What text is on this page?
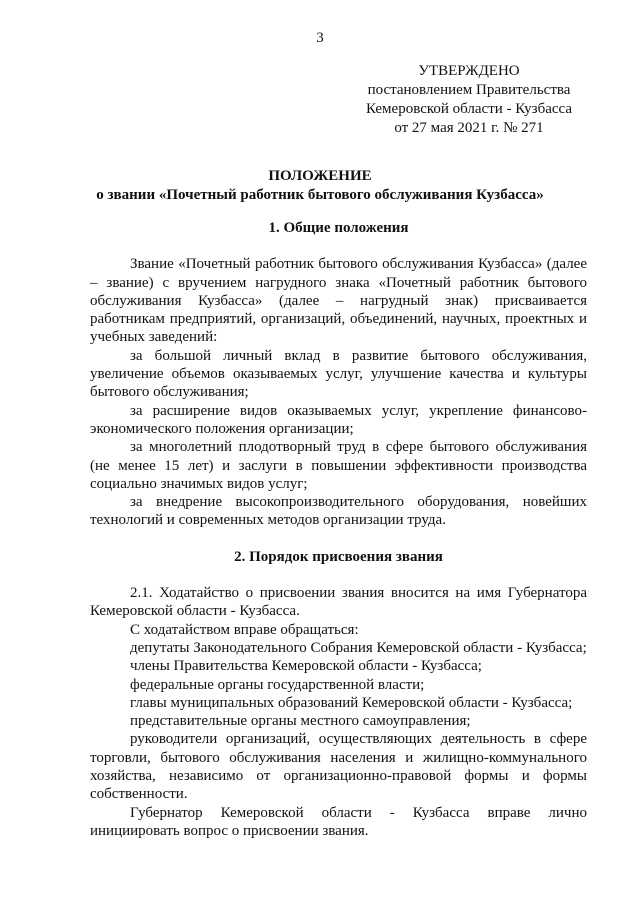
3
УТВЕРЖДЕНО
постановлением Правительства
Кемеровской области - Кузбасса
от 27 мая 2021 г. № 271
ПОЛОЖЕНИЕ
о звании «Почетный работник бытового обслуживания Кузбасса»
1. Общие положения

Звание «Почетный работник бытового обслуживания Кузбасса» (далее – звание) с вручением нагрудного знака «Почетный работник бытового обслуживания Кузбасса» (далее – нагрудный знак) присваивается работникам предприятий, организаций, объединений, научных, проектных и учебных заведений:

за большой личный вклад в развитие бытового обслуживания, увеличение объемов оказываемых услуг, улучшение качества и культуры бытового обслуживания;

за расширение видов оказываемых услуг, укрепление финансово-экономического положения организации;

за многолетний плодотворный труд в сфере бытового обслуживания (не менее 15 лет) и заслуги в повышении эффективности производства социально значимых видов услуг;

за внедрение высокопроизводительного оборудования, новейших технологий и современных методов организации труда.

2. Порядок присвоения звания

2.1. Ходатайство о присвоении звания вносится на имя Губернатора Кемеровской области - Кузбасса.

С ходатайством вправе обращаться:

депутаты Законодательного Собрания Кемеровской области - Кузбасса;

члены Правительства Кемеровской области - Кузбасса;

федеральные органы государственной власти;

главы муниципальных образований Кемеровской области - Кузбасса;

представительные органы местного самоуправления;

руководители организаций, осуществляющих деятельность в сфере торговли, бытового обслуживания населения и жилищно-коммунального хозяйства, независимо от организационно-правовой формы и формы собственности.

Губернатор Кемеровской области - Кузбасса вправе лично инициировать вопрос о присвоении звания.
